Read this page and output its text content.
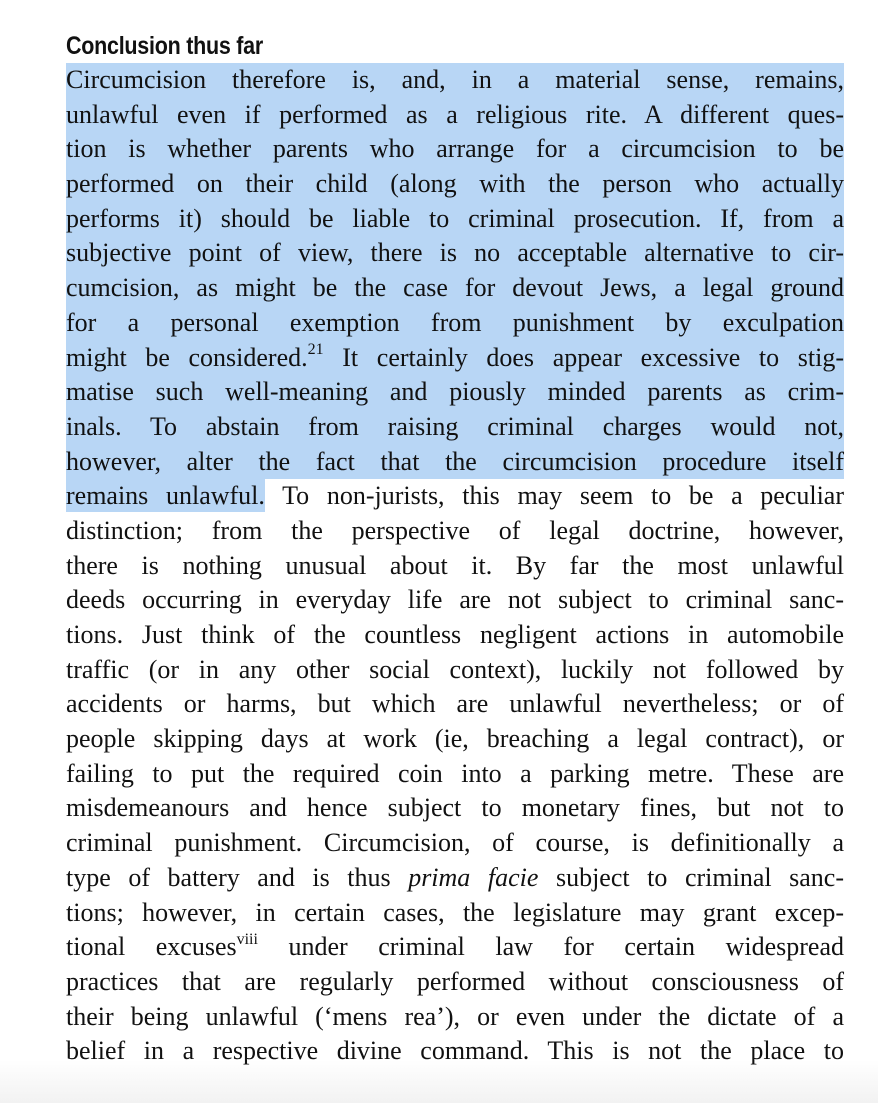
Conclusion thus far
Circumcision therefore is, and, in a material sense, remains,
unlawful even if performed as a religious rite. A different ques-
tion is whether parents who arrange for a circumcision to be
performed on their child (along with the person who actually
performs it) should be liable to criminal prosecution. If, from a
subjective point of view, there is no acceptable alternative to cir-
cumcision, as might be the case for devout Jews, a legal ground
for a personal exemption from punishment by exculpation
might be considered.$^{21}$ It certainly does appear excessive to stig-
matise such well-meaning and piously minded parents as crim-
inals. To abstain from raising criminal charges would not,
however, alter the fact that the circumcision procedure itself
remains unlawful. To non-jurists, this may seem to be a peculiar
distinction; from the perspective of legal doctrine, however,
there is nothing unusual about it. By far the most unlawful
deeds occurring in everyday life are not subject to criminal sanc-
tions. Just think of the countless negligent actions in automobile
traffic (or in any other social context), luckily not followed by
accidents or harms, but which are unlawful nevertheless; or of
people skipping days at work (ie, breaching a legal contract), or
failing to put the required coin into a parking metre. These are
misdemeanours and hence subject to monetary fines, but not to
criminal punishment. Circumcision, of course, is definitionally a
type of battery and is thus prima facie subject to criminal sanc-
tions; however, in certain cases, the legislature may grant excep-
tional excuses$^{viii}$ under criminal law for certain widespread
practices that are regularly performed without consciousness of
their being unlawful (‘mens rea’), or even under the dictate of a
belief in a respective divine command. This is not the place to
